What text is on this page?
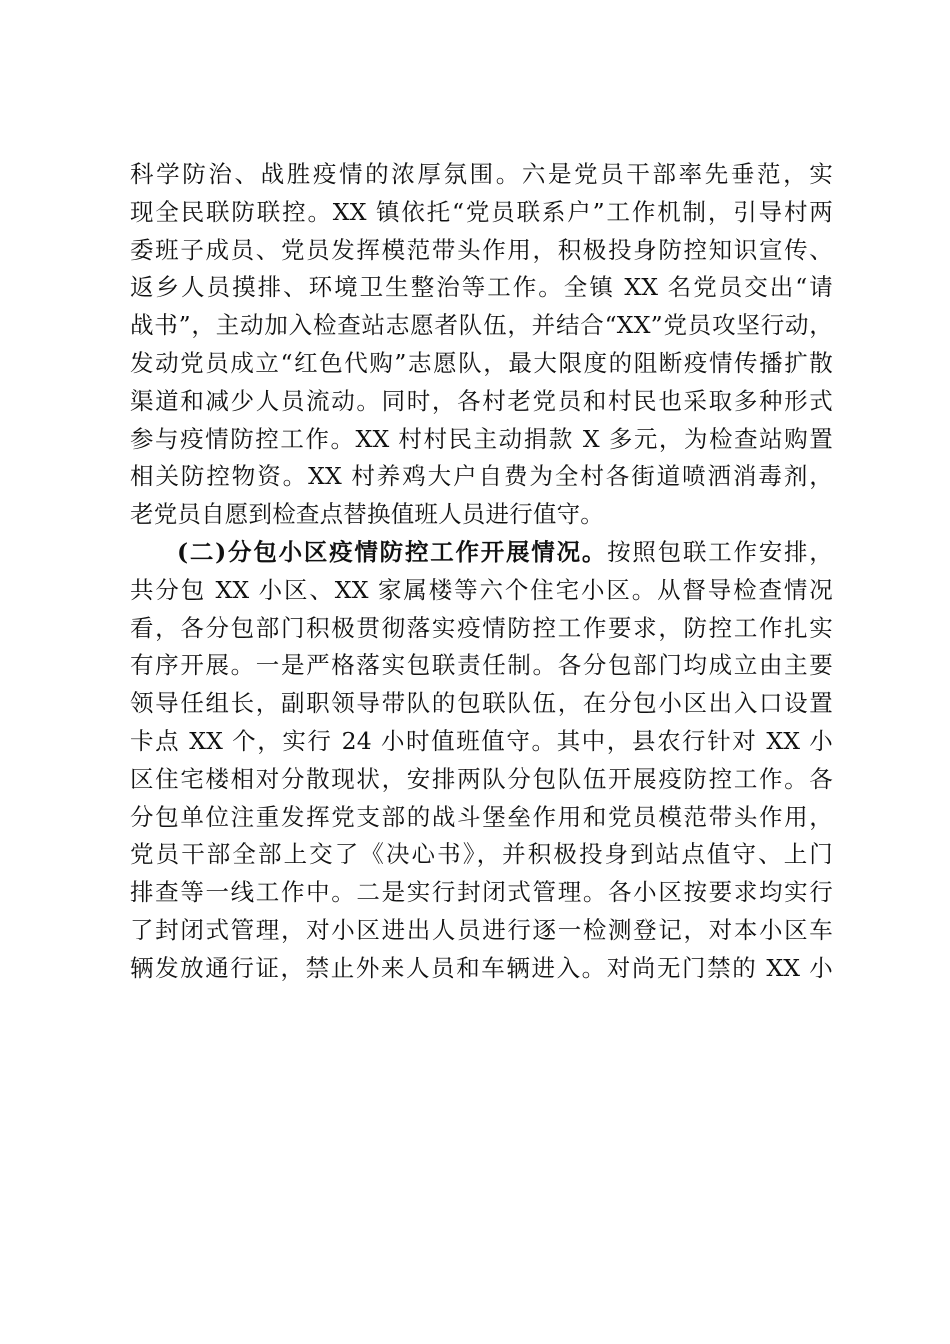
科学防治、战胜疫情的浓厚氛围。六是党员干部率先垂范，实
现全民联防联控。XX 镇依托“党员联系户”工作机制，引导村两
委班子成员、党员发挥模范带头作用，积极投身防控知识宣传、
返乡人员摸排、环境卫生整治等工作。全镇 XX 名党员交出“请
战书”，主动加入检查站志愿者队伍，并结合“XX”党员攻坚行动，
发动党员成立“红色代购”志愿队，最大限度的阻断疫情传播扩散
渠道和减少人员流动。同时，各村老党员和村民也采取多种形式
参与疫情防控工作。XX 村村民主动捐款 X 多元，为检查站购置
相关防控物资。XX 村养鸡大户自费为全村各街道喷洒消毒剂，
老党员自愿到检查点替换值班人员进行值守。
(二)分包小区疫情防控工作开展情况。按照包联工作安排，
共分包 XX 小区、XX 家属楼等六个住宅小区。从督导检查情况
看，各分包部门积极贯彻落实疫情防控工作要求，防控工作扎实
有序开展。一是严格落实包联责任制。各分包部门均成立由主要
领导任组长，副职领导带队的包联队伍，在分包小区出入口设置
卡点 XX 个，实行 24 小时值班值守。其中，县农行针对 XX 小
区住宅楼相对分散现状，安排两队分包队伍开展疫防控工作。各
分包单位注重发挥党支部的战斗堡垒作用和党员模范带头作用，
党员干部全部上交了《决心书》，并积极投身到站点值守、上门
排查等一线工作中。二是实行封闭式管理。各小区按要求均实行
了封闭式管理，对小区进出人员进行逐一检测登记，对本小区车
辆发放通行证，禁止外来人员和车辆进入。对尚无门禁的 XX 小
